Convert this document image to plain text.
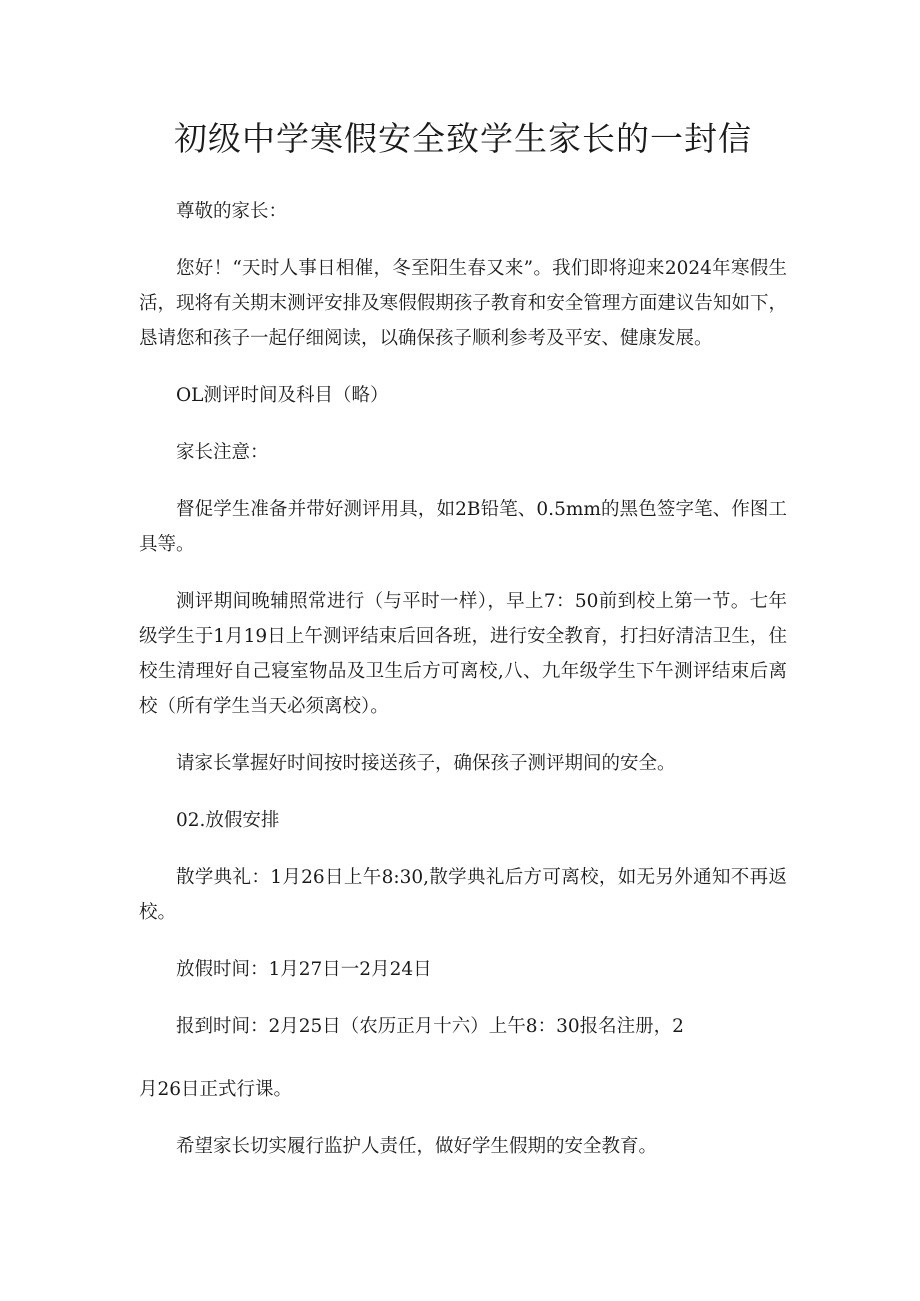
初级中学寒假安全致学生家长的一封信

尊敬的家长：

您好！“天时人事日相催，冬至阳生春又来”。我们即将迎来2024年寒假生活，现将有关期末测评安排及寒假假期孩子教育和安全管理方面建议告知如下，恳请您和孩子一起仔细阅读，以确保孩子顺利参考及平安、健康发展。

OL测评时间及科目（略）

家长注意：

督促学生准备并带好测评用具，如2B铅笔、0.5mm的黑色签字笔、作图工具等。

测评期间晚辅照常进行（与平时一样），早上7：50前到校上第一节。七年级学生于1月19日上午测评结束后回各班，进行安全教育，打扫好清洁卫生，住校生清理好自己寝室物品及卫生后方可离校,八、九年级学生下午测评结束后离校（所有学生当天必须离校）。

请家长掌握好时间按时接送孩子，确保孩子测评期间的安全。

02.放假安排

散学典礼：1月26日上午8:30,散学典礼后方可离校，如无另外通知不再返校。

放假时间：1月27日一2月24日

报到时间：2月25日（农历正月十六）上午8：30报名注册，2

月26日正式行课。

希望家长切实履行监护人责任，做好学生假期的安全教育。
